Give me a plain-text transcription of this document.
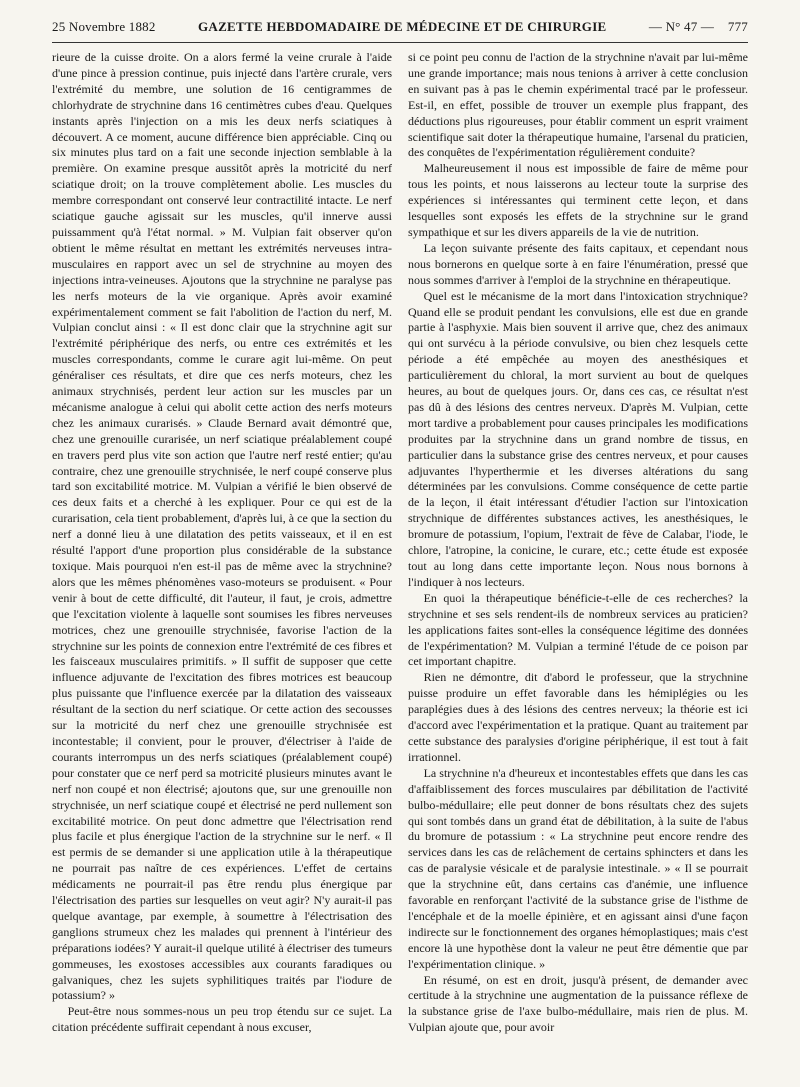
25 Novembre 1882	GAZETTE HEBDOMADAIRE DE MÉDECINE ET DE CHIRURGIE	— N° 47 — 777

rieure de la cuisse droite. On a alors fermé la veine crurale à l'aide d'une pince à pression continue, puis injecté dans l'artère crurale, vers l'extrémité du membre, une solution de 16 centigrammes de chlorhydrate de strychnine dans 16 centimètres cubes d'eau. Quelques instants après l'injection on a mis les deux nerfs sciatiques à découvert. A ce moment, aucune différence bien appréciable. Cinq ou six minutes plus tard on a fait une seconde injection semblable à la première. On examine presque aussitôt après la motricité du nerf sciatique droit; on la trouve complètement abolie. Les muscles du membre correspondant ont conservé leur contractilité intacte. Le nerf sciatique gauche agissait sur les muscles, qu'il innerve aussi puissamment qu'à l'état normal. » M. Vulpian fait observer qu'on obtient le même résultat en mettant les extrémités nerveuses intra-musculaires en rapport avec un sel de strychnine au moyen des injections intra-veineuses. Ajoutons que la strychnine ne paralyse pas les nerfs moteurs de la vie organique. Après avoir examiné expérimentalement comment se fait l'abolition de l'action du nerf, M. Vulpian conclut ainsi : « Il est donc clair que la strychnine agit sur l'extrémité périphérique des nerfs, ou entre ces extrémités et les muscles correspondants, comme le curare agit lui-même. On peut généraliser ces résultats, et dire que ces nerfs moteurs, chez les animaux strychnisés, perdent leur action sur les muscles par un mécanisme analogue à celui qui abolit cette action des nerfs moteurs chez les animaux curarisés. » Claude Bernard avait démontré que, chez une grenouille curarisée, un nerf sciatique préalablement coupé en travers perd plus vite son action que l'autre nerf resté entier; qu'au contraire, chez une grenouille strychnisée, le nerf coupé conserve plus tard son excitabilité motrice. M. Vulpian a vérifié le bien observé de ces deux faits et a cherché à les expliquer. Pour ce qui est de la curarisation, cela tient probablement, d'après lui, à ce que la section du nerf a donné lieu à une dilatation des petits vaisseaux, et il en est résulté l'apport d'une proportion plus considérable de la substance toxique. Mais pourquoi n'en est-il pas de même avec la strychnine? alors que les mêmes phénomènes vaso-moteurs se produisent. « Pour venir à bout de cette difficulté, dit l'auteur, il faut, je crois, admettre que l'excitation violente à laquelle sont soumises les fibres nerveuses motrices, chez une grenouille strychnisée, favorise l'action de la strychnine sur les points de connexion entre l'extrémité de ces fibres et les faisceaux musculaires primitifs. » Il suffit de supposer que cette influence adjuvante de l'excitation des fibres motrices est beaucoup plus puissante que l'influence exercée par la dilatation des vaisseaux résultant de la section du nerf sciatique. Or cette action des secousses sur la motricité du nerf chez une grenouille strychnisée est incontestable; il convient, pour le prouver, d'électriser à l'aide de courants interrompus un des nerfs sciatiques (préalablement coupé) pour constater que ce nerf perd sa motricité plusieurs minutes avant le nerf non coupé et non électrisé; ajoutons que, sur une grenouille non strychnisée, un nerf sciatique coupé et électrisé ne perd nullement son excitabilité motrice. On peut donc admettre que l'électrisation rend plus facile et plus énergique l'action de la strychnine sur le nerf. « Il est permis de se demander si une application utile à la thérapeutique ne pourrait pas naître de ces expériences. L'effet de certains médicaments ne pourrait-il pas être rendu plus énergique par l'électrisation des parties sur lesquelles on veut agir? N'y aurait-il pas quelque avantage, par exemple, à soumettre à l'électrisation des ganglions strumeux chez les malades qui prennent à l'intérieur des préparations iodées? Y aurait-il quelque utilité à électriser des tumeurs gommeuses, les exostoses accessibles aux courants faradiques ou galvaniques, chez les sujets syphilitiques traités par l'iodure de potassium? »

Peut-être nous sommes-nous un peu trop étendu sur ce sujet. La citation précédente suffirait cependant à nous excuser,

si ce point peu connu de l'action de la strychnine n'avait par lui-même une grande importance; mais nous tenions à arriver à cette conclusion en suivant pas à pas le chemin expérimental tracé par le professeur. Est-il, en effet, possible de trouver un exemple plus frappant, des déductions plus rigoureuses, pour établir comment un esprit vraiment scientifique sait doter la thérapeutique humaine, l'arsenal du praticien, des conquêtes de l'expérimentation régulièrement conduite?

Malheureusement il nous est impossible de faire de même pour tous les points, et nous laisserons au lecteur toute la surprise des expériences si intéressantes qui terminent cette leçon, et dans lesquelles sont exposés les effets de la strychnine sur le grand sympathique et sur les divers appareils de la vie de nutrition.

La leçon suivante présente des faits capitaux, et cependant nous nous bornerons en quelque sorte à en faire l'énumération, pressé que nous sommes d'arriver à l'emploi de la strychnine en thérapeutique.

Quel est le mécanisme de la mort dans l'intoxication strychnique? Quand elle se produit pendant les convulsions, elle est due en grande partie à l'asphyxie. Mais bien souvent il arrive que, chez des animaux qui ont survécu à la période convulsive, ou bien chez lesquels cette période a été empêchée au moyen des anesthésiques et particulièrement du chloral, la mort survient au bout de quelques heures, au bout de quelques jours. Or, dans ces cas, ce résultat n'est pas dû à des lésions des centres nerveux. D'après M. Vulpian, cette mort tardive a probablement pour causes principales les modifications produites par la strychnine dans un grand nombre de tissus, en particulier dans la substance grise des centres nerveux, et pour causes adjuvantes l'hyperthermie et les diverses altérations du sang déterminées par les convulsions. Comme conséquence de cette partie de la leçon, il était intéressant d'étudier l'action sur l'intoxication strychnique de différentes substances actives, les anesthésiques, le bromure de potassium, l'opium, l'extrait de fève de Calabar, l'iode, le chlore, l'atropine, la conicine, le curare, etc.; cette étude est exposée tout au long dans cette importante leçon. Nous nous bornons à l'indiquer à nos lecteurs.

En quoi la thérapeutique bénéficie-t-elle de ces recherches? la strychnine et ses sels rendent-ils de nombreux services au praticien? les applications faites sont-elles la conséquence légitime des données de l'expérimentation? M. Vulpian a terminé l'étude de ce poison par cet important chapitre.

Rien ne démontre, dit d'abord le professeur, que la strychnine puisse produire un effet favorable dans les hémiplégies ou les paraplégies dues à des lésions des centres nerveux; la théorie est ici d'accord avec l'expérimentation et la pratique. Quant au traitement par cette substance des paralysies d'origine périphérique, il est tout à fait irrationnel.

La strychnine n'a d'heureux et incontestables effets que dans les cas d'affaiblissement des forces musculaires par débilitation de l'activité bulbo-médullaire; elle peut donner de bons résultats chez des sujets qui sont tombés dans un grand état de débilitation, à la suite de l'abus du bromure de potassium : « La strychnine peut encore rendre des services dans les cas de relâchement de certains sphincters et dans les cas de paralysie vésicale et de paralysie intestinale. » « Il se pourrait que la strychnine eût, dans certains cas d'anémie, une influence favorable en renforçant l'activité de la substance grise de l'isthme de l'encéphale et de la moelle épinière, et en agissant ainsi d'une façon indirecte sur le fonctionnement des organes hémoplastiques; mais c'est encore là une hypothèse dont la valeur ne peut être démentie que par l'expérimentation clinique. »

En résumé, on est en droit, jusqu'à présent, de demander avec certitude à la strychnine une augmentation de la puissance réflexe de la substance grise de l'axe bulbo-médullaire, mais rien de plus. M. Vulpian ajoute que, pour avoir
